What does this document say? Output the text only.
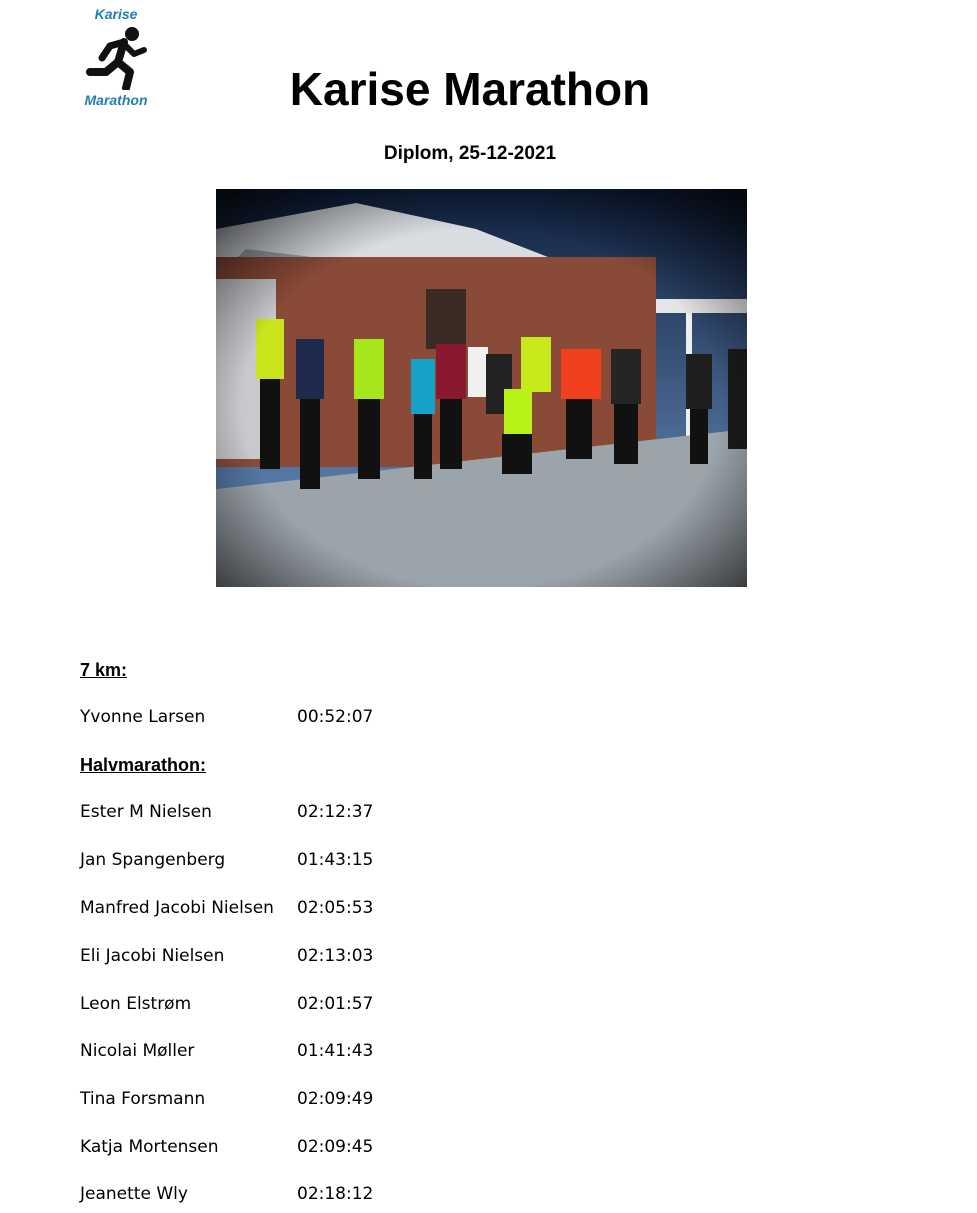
Karise
Marathon	Karise Marathon
Diplom, 25-12-2021
7 km:
Yvonne Larsen	00:52:07
Halvmarathon:
Ester M Nielsen	02:12:37
Jan Spangenberg	01:43:15
Manfred Jacobi Nielsen 02:05:53
Eli Jacobi Nielsen	02:13:03
Leon Elstrøm	02:01:57
Nicolai Møller	01:41:43
Tina Forsmann	02:09:49
Katja Mortensen	02:09:45
Jeanette Wly	02:18:12
